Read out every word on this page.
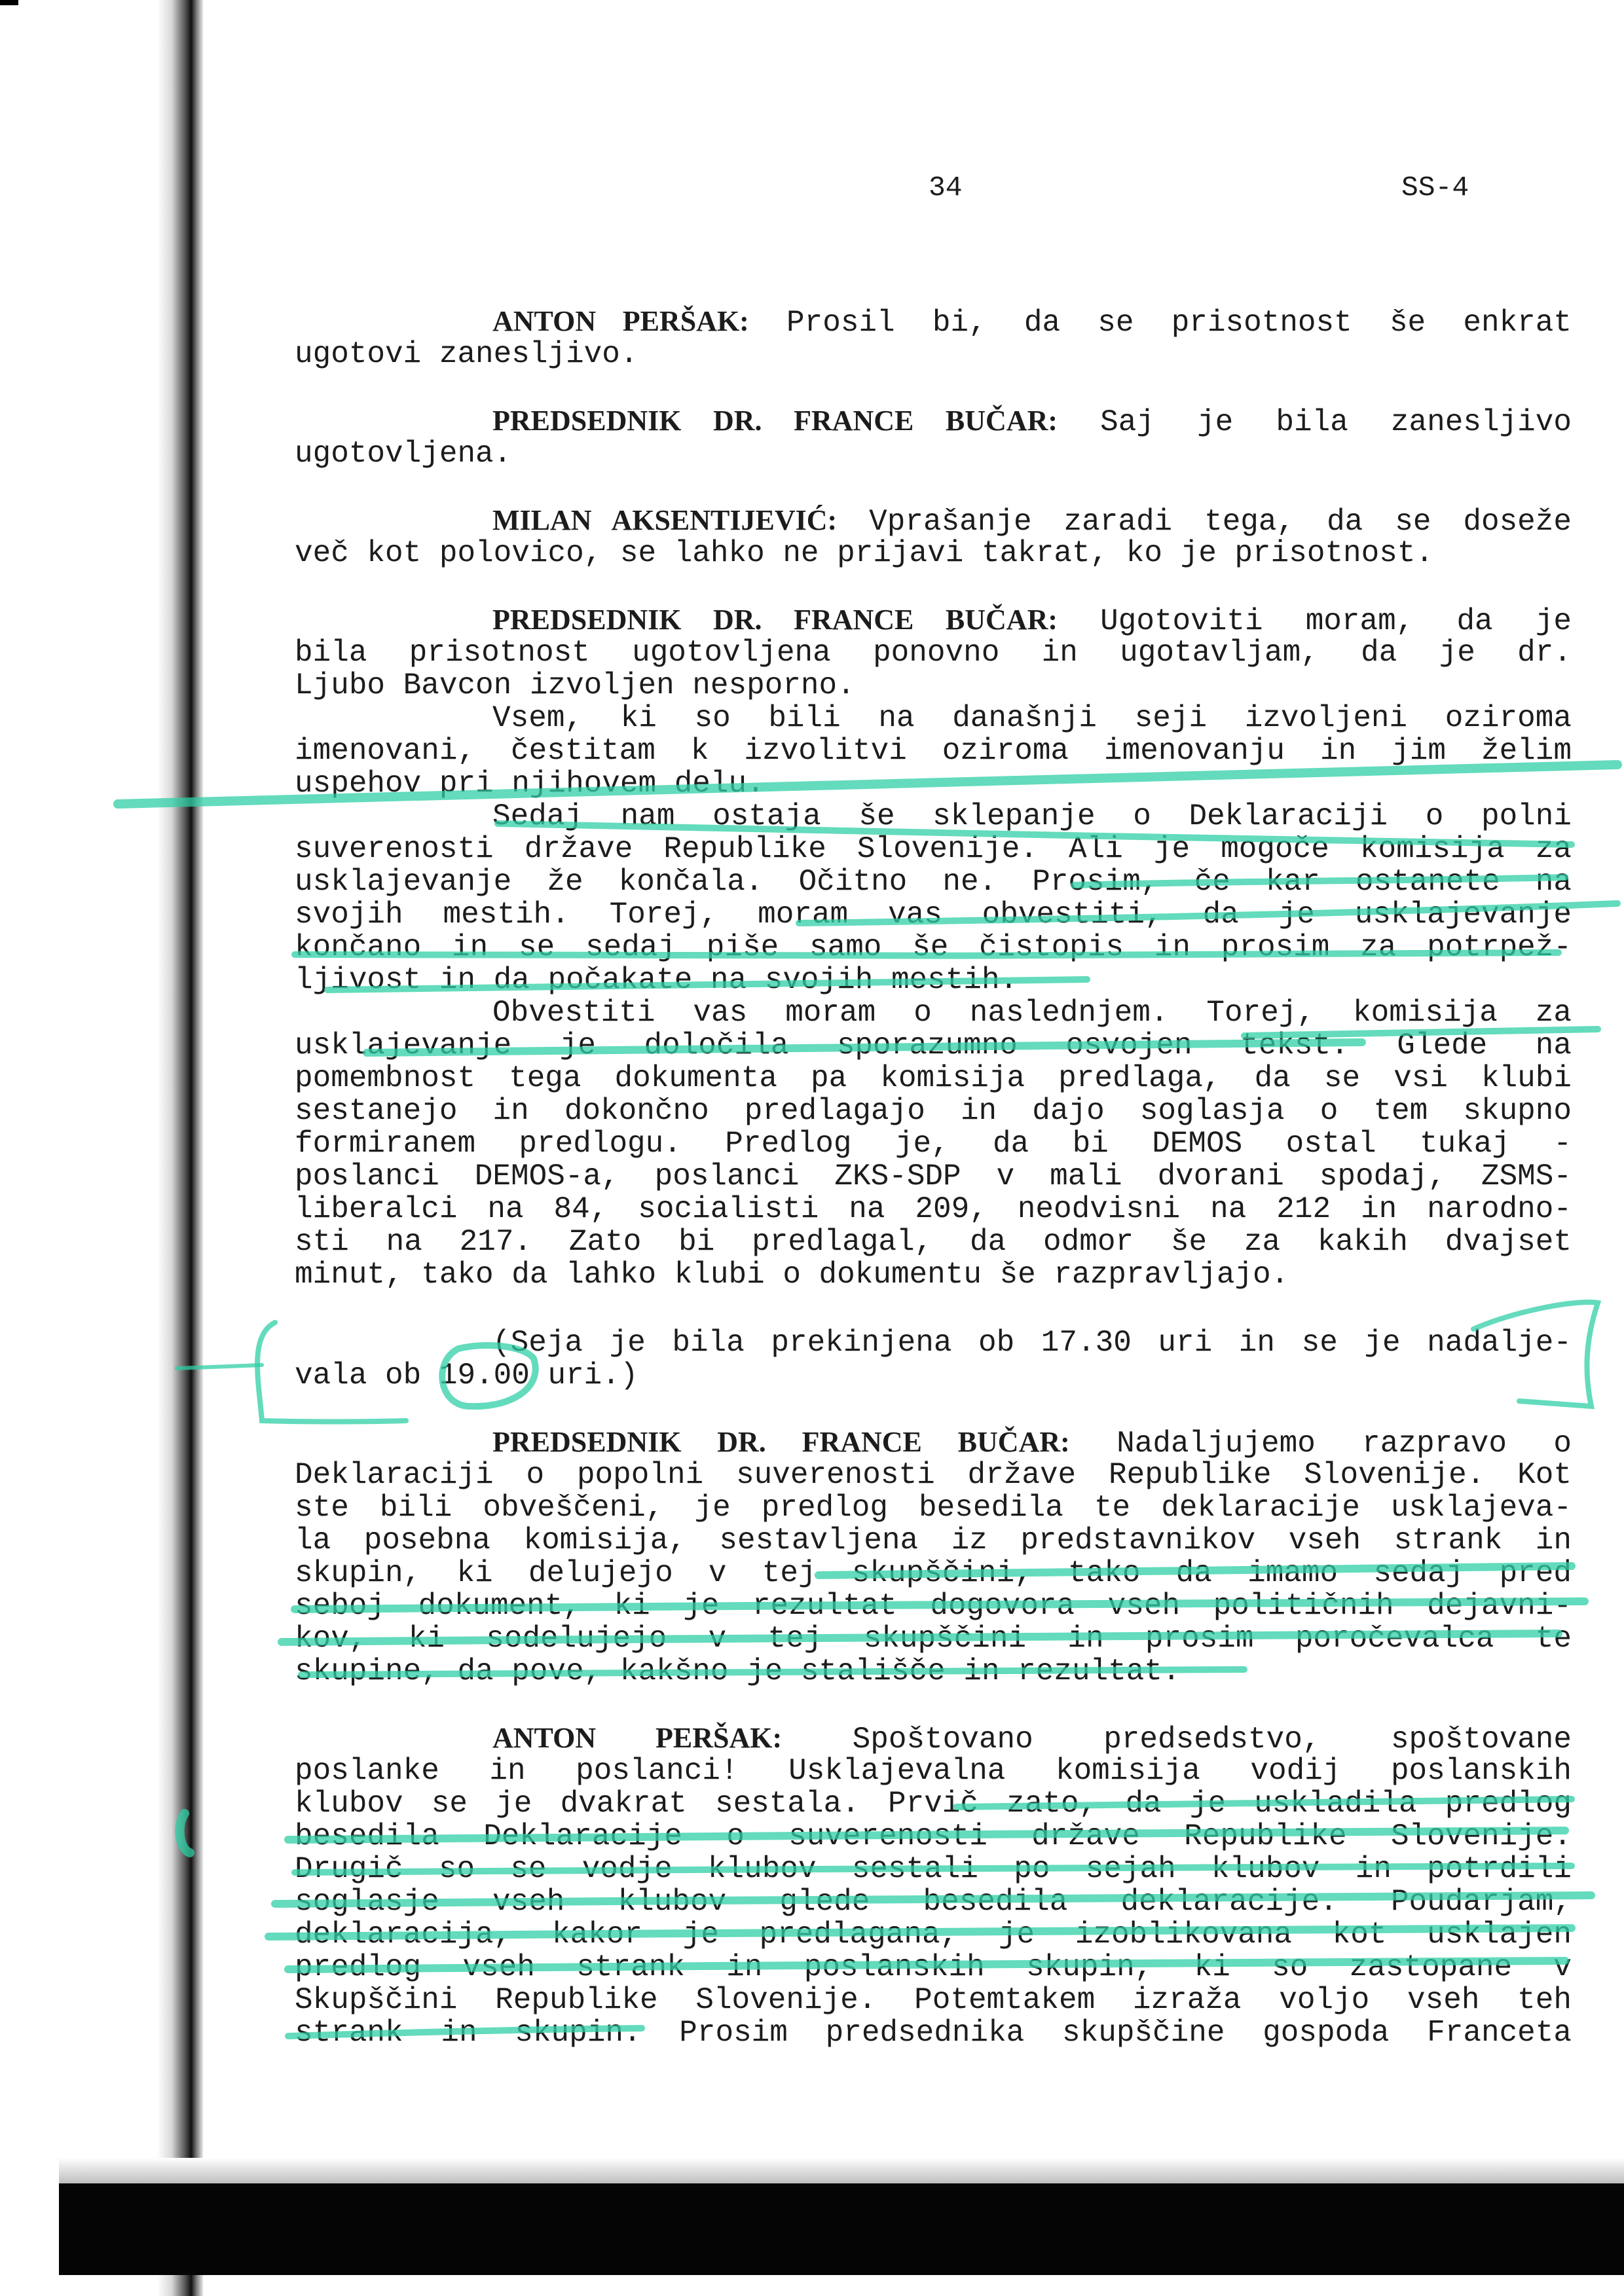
34	SS-4
ANTON PERŠAK: Prosil bi, da se prisotnost še enkrat
ugotovi zanesljivo.
PREDSEDNIK DR. FRANCE BUČAR: Saj je bila zanesljivo
ugotovljena.
MILAN AKSENTIJEVIĆ: Vprašanje zaradi tega, da se doseže
več kot polovico, se lahko ne prijavi takrat, ko je prisotnost.
PREDSEDNIK DR. FRANCE BUČAR: Ugotoviti moram, da je
bila prisotnost ugotovljena ponovno in ugotavljam, da je dr.
Ljubo Bavcon izvoljen nesporno.
Vsem, ki so bili na današnji seji izvoljeni oziroma
imenovani, čestitam k izvolitvi oziroma imenovanju in jim želim
uspehov pri njihovem delu.
Sedaj nam ostaja še sklepanje o Deklaraciji o polni
suverenosti države Republike Slovenije. Ali je mogoče komisija za
usklajevanje že končala. Očitno ne. Prosim, če kar ostanete na
svojih mestih. Torej, moram vas obvestiti, da je usklajevanje
končano in se sedaj piše samo še čistopis in prosim za potrpež-
ljivost in da počakate na svojih mestih.
Obvestiti vas moram o naslednjem. Torej, komisija za
usklajevanje je določila sporazumno osvojen tekst. Glede na
pomembnost tega dokumenta pa komisija predlaga, da se vsi klubi
sestanejo in dokončno predlagajo in dajo soglasja o tem skupno
formiranem predlogu. Predlog je, da bi DEMOS ostal tukaj -
poslanci DEMOS-a, poslanci ZKS-SDP v mali dvorani spodaj, ZSMS-
liberalci na 84, socialisti na 209, neodvisni na 212 in narodno-
sti na 217. Zato bi predlagal, da odmor še za kakih dvajset
minut, tako da lahko klubi o dokumentu še razpravljajo.
(Seja je bila prekinjena ob 17.30 uri in se je nadalje-
vala ob 19.00 uri.)
PREDSEDNIK DR. FRANCE BUČAR: Nadaljujemo razpravo o
Deklaraciji o popolni suverenosti države Republike Slovenije. Kot
ste bili obveščeni, je predlog besedila te deklaracije usklajeva-
la posebna komisija, sestavljena iz predstavnikov vseh strank in
skupin, ki delujejo v tej skupščini, tako da imamo sedaj pred
seboj dokument, ki je rezultat dogovora vseh političnih dejavni-
kov, ki sodelujejo v tej skupščini in prosim poročevalca te
skupine, da pove, kakšno je stališče in rezultat.
ANTON PERŠAK: Spoštovano predsedstvo, spoštovane
poslanke in poslanci! Usklajevalna komisija vodij poslanskih
klubov se je dvakrat sestala. Prvič zato, da je uskladila predlog
besedila Deklaracije o suverenosti države Republike Slovenije.
Drugič so se vodje klubov sestali po sejah klubov in potrdili
soglasje vseh klubov glede besedila deklaracije. Poudarjam,
deklaracija, kakor je predlagana, je izoblikovana kot usklajen
predlog vseh strank in poslanskih skupin, ki so zastopane v
Skupščini Republike Slovenije. Potemtakem izraža voljo vseh teh
strank in skupin. Prosim predsednika skupščine gospoda Franceta
